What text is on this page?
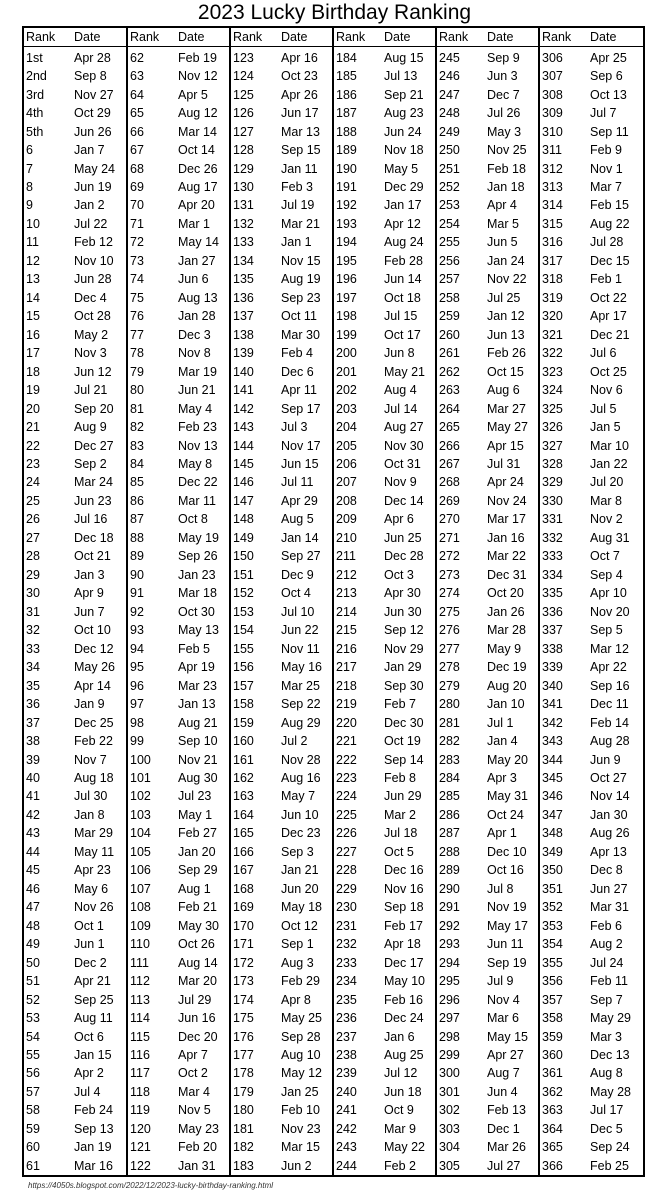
2023 Lucky Birthday Ranking
Rank	Date
1st	Apr 28
2nd	Sep 8
3rd	Nov 27
4th	Oct 29
5th	Jun 26
6	Jan 7
7	May 24
8	Jun 19
9	Jan 2
10	Jul 22
11	Feb 12
12	Nov 10
13	Jun 28
14	Dec 4
15	Oct 28
16	May 2
17	Nov 3
18	Jun 12
19	Jul 21
20	Sep 20
21	Aug 9
22	Dec 27
23	Sep 2
24	Mar 24
25	Jun 23
26	Jul 16
27	Dec 18
28	Oct 21
29	Jan 3
30	Apr 9
31	Jun 7
32	Oct 10
33	Dec 12
34	May 26
35	Apr 14
36	Jan 9
37	Dec 25
38	Feb 22
39	Nov 7
40	Aug 18
41	Jul 30
42	Jan 8
43	Mar 29
44	May 11
45	Apr 23
46	May 6
47	Nov 26
48	Oct 1
49	Jun 1
50	Dec 2
51	Apr 21
52	Sep 25
53	Aug 11
54	Oct 6
55	Jan 15
56	Apr 2
57	Jul 4
58	Feb 24
59	Sep 13
60	Jan 19
61	Mar 16
Rank	Date
62	Feb 19
63	Nov 12
64	Apr 5
65	Aug 12
66	Mar 14
67	Oct 14
68	Dec 26
69	Aug 17
70	Apr 20
71	Mar 1
72	May 14
73	Jan 27
74	Jun 6
75	Aug 13
76	Jan 28
77	Dec 3
78	Nov 8
79	Mar 19
80	Jun 21
81	May 4
82	Feb 23
83	Nov 13
84	May 8
85	Dec 22
86	Mar 11
87	Oct 8
88	May 19
89	Sep 26
90	Jan 23
91	Mar 18
92	Oct 30
93	May 13
94	Feb 5
95	Apr 19
96	Mar 23
97	Jan 13
98	Aug 21
99	Sep 10
100	Nov 21
101	Aug 30
102	Jul 23
103	May 1
104	Feb 27
105	Jan 20
106	Sep 29
107	Aug 1
108	Feb 21
109	May 30
110	Oct 26
111	Aug 14
112	Mar 20
113	Jul 29
114	Jun 16
115	Dec 20
116	Apr 7
117	Oct 2
118	Mar 4
119	Nov 5
120	May 23
121	Feb 20
122	Jan 31
Rank	Date
123	Apr 16
124	Oct 23
125	Apr 26
126	Jun 17
127	Mar 13
128	Sep 15
129	Jan 11
130	Feb 3
131	Jul 19
132	Mar 21
133	Jan 1
134	Nov 15
135	Aug 19
136	Sep 23
137	Oct 11
138	Mar 30
139	Feb 4
140	Dec 6
141	Apr 11
142	Sep 17
143	Jul 3
144	Nov 17
145	Jun 15
146	Jul 11
147	Apr 29
148	Aug 5
149	Jan 14
150	Sep 27
151	Dec 9
152	Oct 4
153	Jul 10
154	Jun 22
155	Nov 11
156	May 16
157	Mar 25
158	Sep 22
159	Aug 29
160	Jul 2
161	Nov 28
162	Aug 16
163	May 7
164	Jun 10
165	Dec 23
166	Sep 3
167	Jan 21
168	Jun 20
169	May 18
170	Oct 12
171	Sep 1
172	Aug 3
173	Feb 29
174	Apr 8
175	May 25
176	Sep 28
177	Aug 10
178	May 12
179	Jan 25
180	Feb 10
181	Nov 23
182	Mar 15
183	Jun 2
Rank	Date
184	Aug 15
185	Jul 13
186	Sep 21
187	Aug 23
188	Jun 24
189	Nov 18
190	May 5
191	Dec 29
192	Jan 17
193	Apr 12
194	Aug 24
195	Feb 28
196	Jun 14
197	Oct 18
198	Jul 15
199	Oct 17
200	Jun 8
201	May 21
202	Aug 4
203	Jul 14
204	Aug 27
205	Nov 30
206	Oct 31
207	Nov 9
208	Dec 14
209	Apr 6
210	Jun 25
211	Dec 28
212	Oct 3
213	Apr 30
214	Jun 30
215	Sep 12
216	Nov 29
217	Jan 29
218	Sep 30
219	Feb 7
220	Dec 30
221	Oct 19
222	Sep 14
223	Feb 8
224	Jun 29
225	Mar 2
226	Jul 18
227	Oct 5
228	Dec 16
229	Nov 16
230	Sep 18
231	Feb 17
232	Apr 18
233	Dec 17
234	May 10
235	Feb 16
236	Dec 24
237	Jan 6
238	Aug 25
239	Jul 12
240	Jun 18
241	Oct 9
242	Mar 9
243	May 22
244	Feb 2
Rank	Date
245	Sep 9
246	Jun 3
247	Dec 7
248	Jul 26
249	May 3
250	Nov 25
251	Feb 18
252	Jan 18
253	Apr 4
254	Mar 5
255	Jun 5
256	Jan 24
257	Nov 22
258	Jul 25
259	Jan 12
260	Jun 13
261	Feb 26
262	Oct 15
263	Aug 6
264	Mar 27
265	May 27
266	Apr 15
267	Jul 31
268	Apr 24
269	Nov 24
270	Mar 17
271	Jan 16
272	Mar 22
273	Dec 31
274	Oct 20
275	Jan 26
276	Mar 28
277	May 9
278	Dec 19
279	Aug 20
280	Jan 10
281	Jul 1
282	Jan 4
283	May 20
284	Apr 3
285	May 31
286	Oct 24
287	Apr 1
288	Dec 10
289	Oct 16
290	Jul 8
291	Nov 19
292	May 17
293	Jun 11
294	Sep 19
295	Jul 9
296	Nov 4
297	Mar 6
298	May 15
299	Apr 27
300	Aug 7
301	Jun 4
302	Feb 13
303	Dec 1
304	Mar 26
305	Jul 27
Rank	Date
306	Apr 25
307	Sep 6
308	Oct 13
309	Jul 7
310	Sep 11
311	Feb 9
312	Nov 1
313	Mar 7
314	Feb 15
315	Aug 22
316	Jul 28
317	Dec 15
318	Feb 1
319	Oct 22
320	Apr 17
321	Dec 21
322	Jul 6
323	Oct 25
324	Nov 6
325	Jul 5
326	Jan 5
327	Mar 10
328	Jan 22
329	Jul 20
330	Mar 8
331	Nov 2
332	Aug 31
333	Oct 7
334	Sep 4
335	Apr 10
336	Nov 20
337	Sep 5
338	Mar 12
339	Apr 22
340	Sep 16
341	Dec 11
342	Feb 14
343	Aug 28
344	Jun 9
345	Oct 27
346	Nov 14
347	Jan 30
348	Aug 26
349	Apr 13
350	Dec 8
351	Jun 27
352	Mar 31
353	Feb 6
354	Aug 2
355	Jul 24
356	Feb 11
357	Sep 7
358	May 29
359	Mar 3
360	Dec 13
361	Aug 8
362	May 28
363	Jul 17
364	Dec 5
365	Sep 24
366	Feb 25
https://4050s.blogspot.com/2022/12/2023-lucky-birthday-ranking.html
